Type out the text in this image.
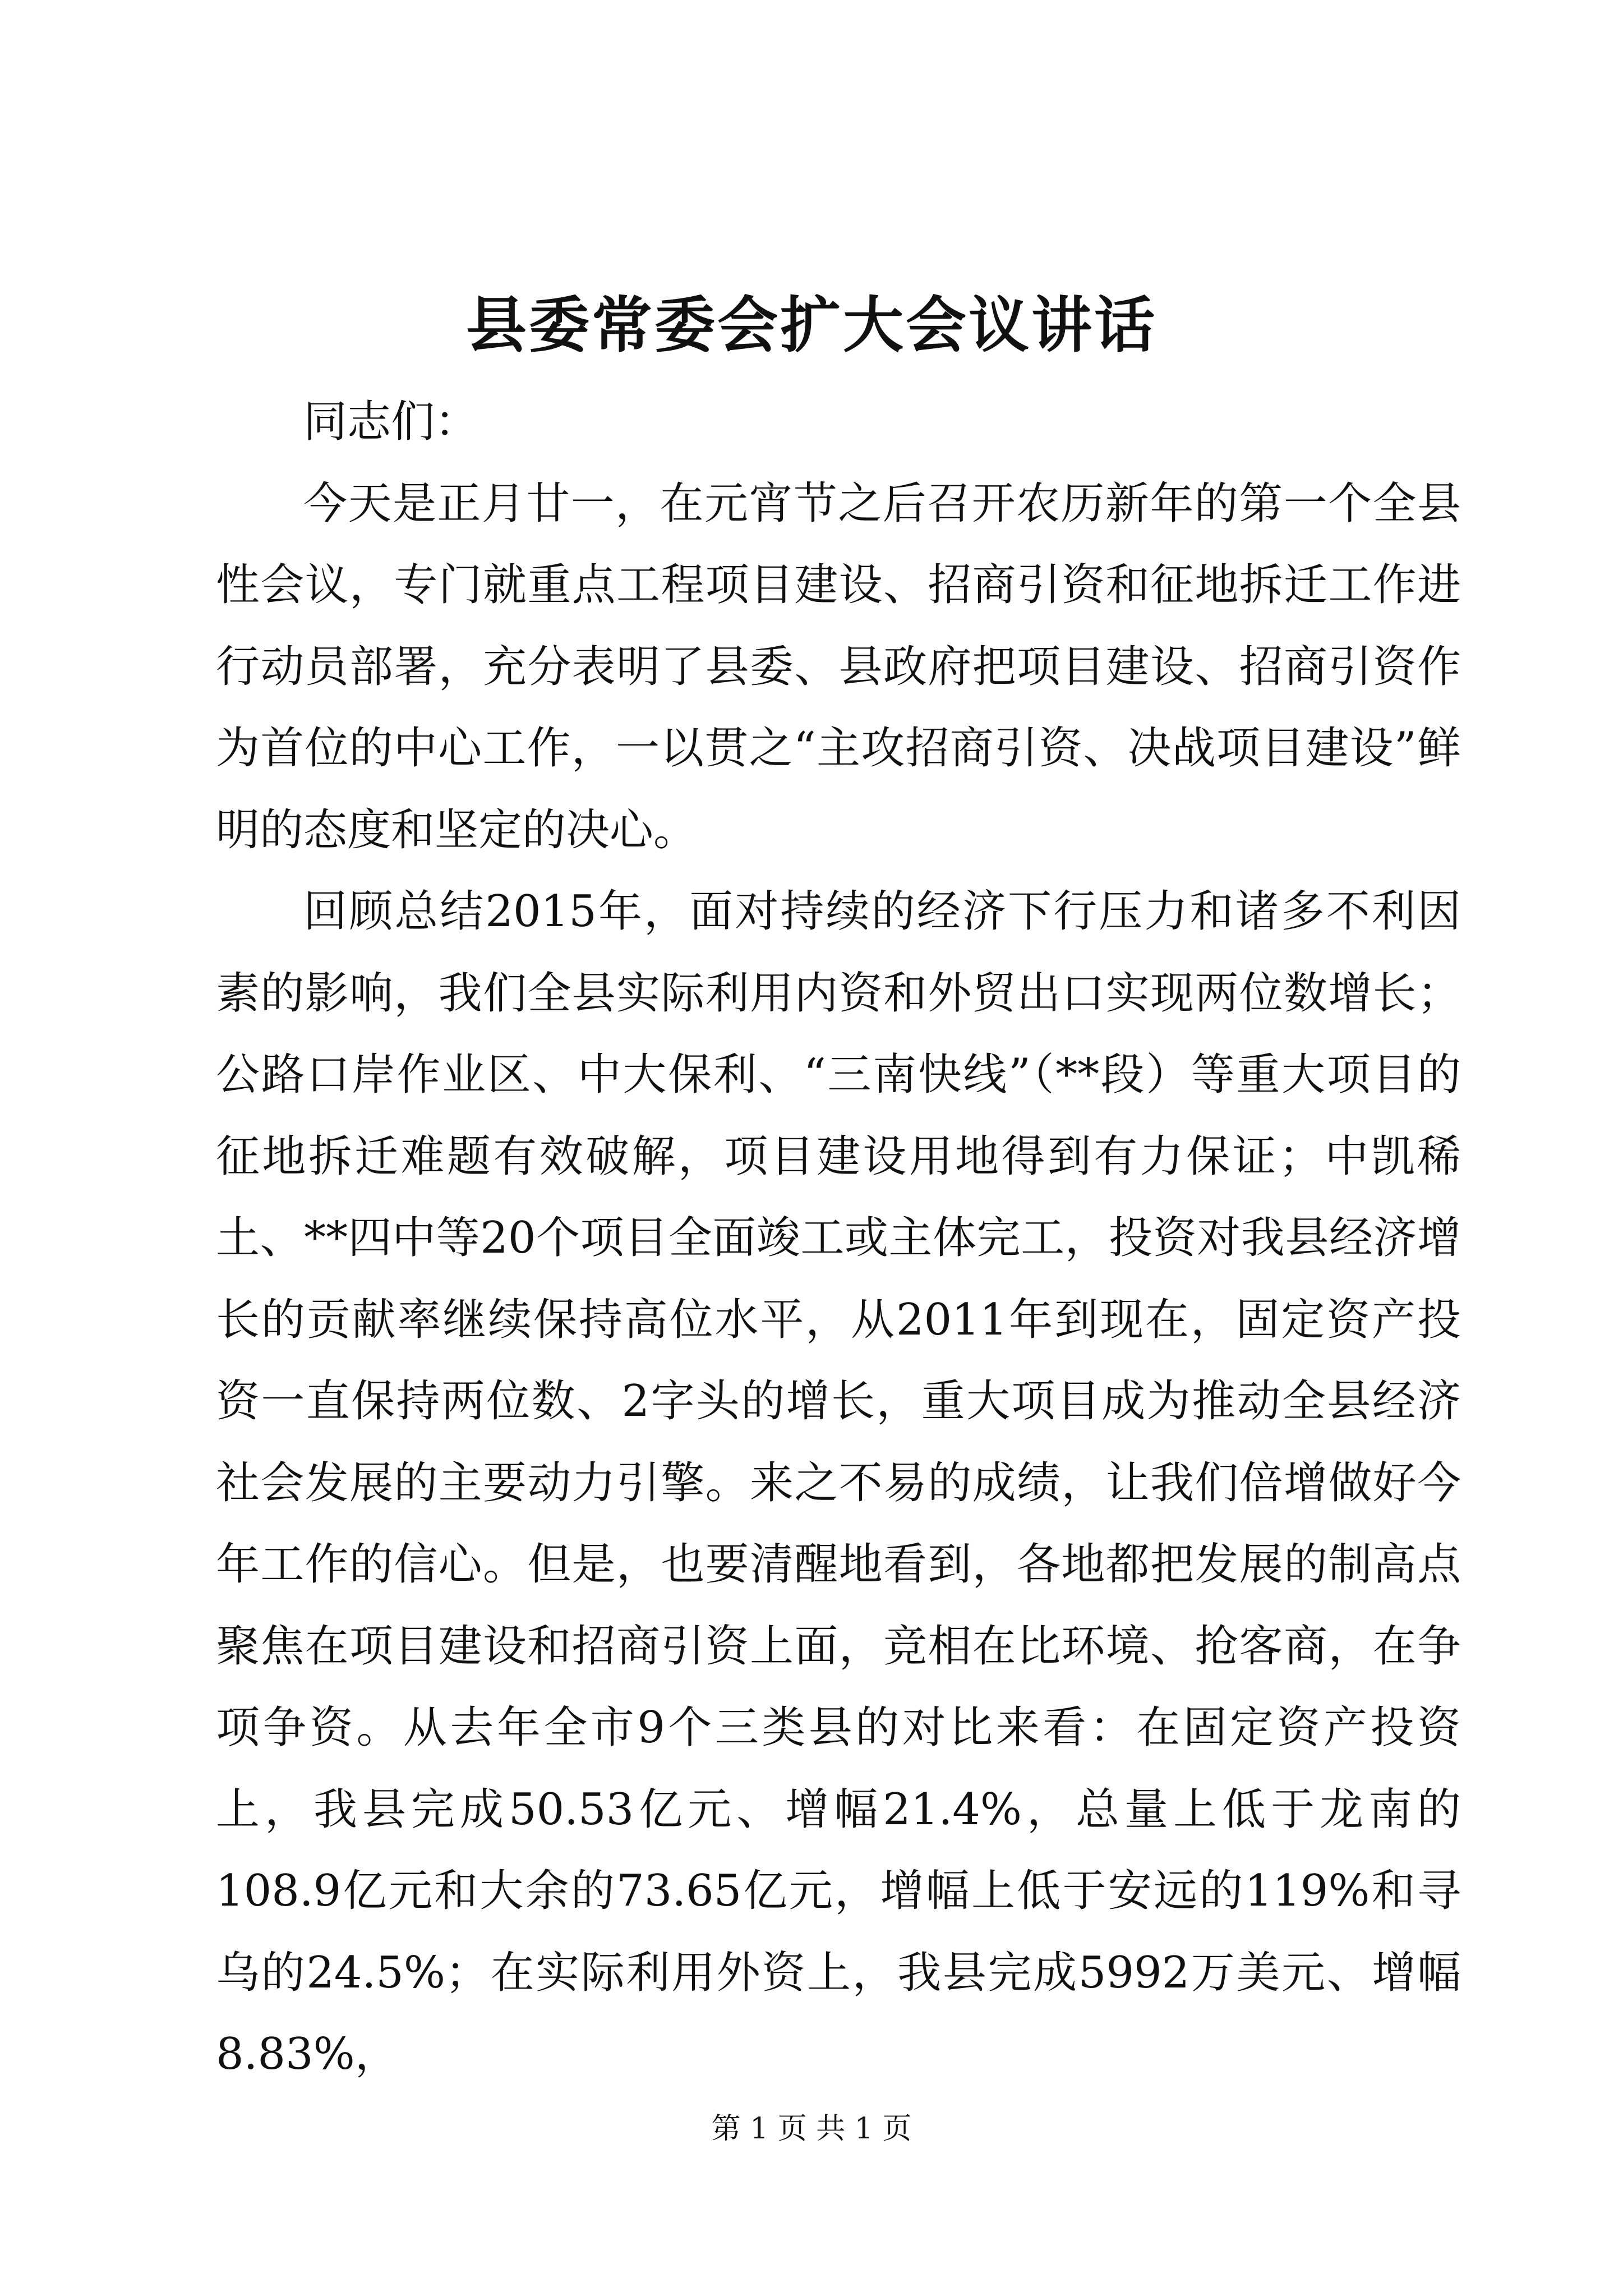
县委常委会扩大会议讲话

同志们：

今天是正月廿一，在元宵节之后召开农历新年的第一个全县性会议，专门就重点工程项目建设、招商引资和征地拆迁工作进行动员部署，充分表明了县委、县政府把项目建设、招商引资作为首位的中心工作，一以贯之“主攻招商引资、决战项目建设”鲜明的态度和坚定的决心。

回顾总结2015年，面对持续的经济下行压力和诸多不利因素的影响，我们全县实际利用内资和外贸出口实现两位数增长；公路口岸作业区、中大保利、“三南快线”（**段）等重大项目的征地拆迁难题有效破解，项目建设用地得到有力保证；中凯稀土、**四中等20个项目全面竣工或主体完工，投资对我县经济增长的贡献率继续保持高位水平，从2011年到现在，固定资产投资一直保持两位数、2字头的增长，重大项目成为推动全县经济社会发展的主要动力引擎。来之不易的成绩，让我们倍增做好今年工作的信心。但是，也要清醒地看到，各地都把发展的制高点聚焦在项目建设和招商引资上面，竞相在比环境、抢客商，在争项争资。从去年全市9个三类县的对比来看：在固定资产投资上，我县完成50.53亿元、增幅21.4%，总量上低于龙南的108.9亿元和大余的73.65亿元，增幅上低于安远的119%和寻乌的24.5%；在实际利用外资上，我县完成5992万美元、增幅8.83%，

第 1 页 共 1 页
